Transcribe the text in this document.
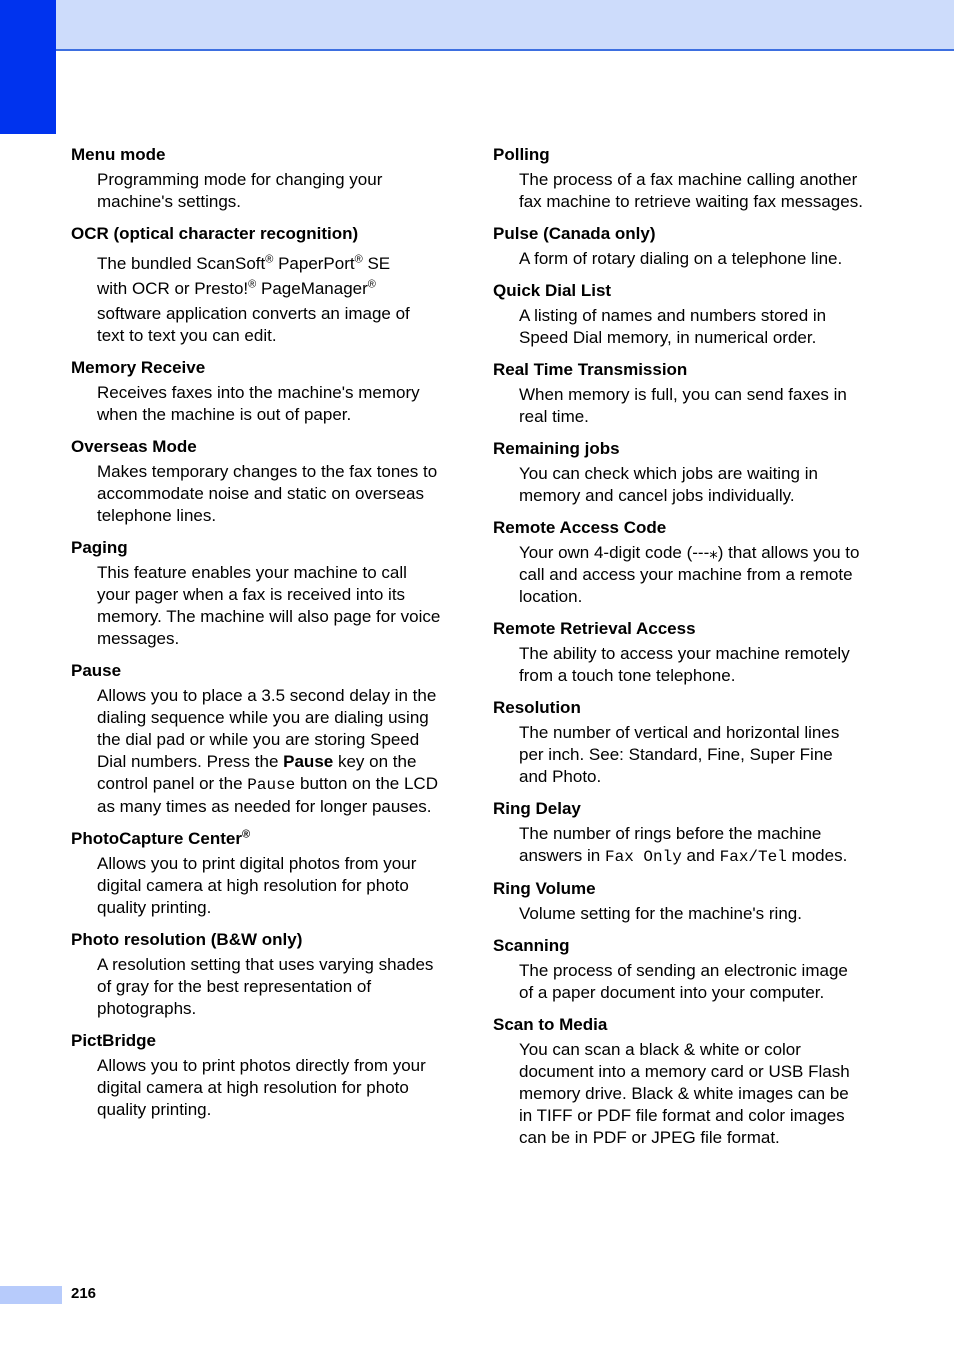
Menu mode
Programming mode for changing your machine's settings.
OCR (optical character recognition)
The bundled ScanSoft® PaperPort® SE
with OCR or Presto!® PageManager®
software application converts an image of text to text you can edit.
Memory Receive
Receives faxes into the machine's memory when the machine is out of paper.
Overseas Mode
Makes temporary changes to the fax tones to accommodate noise and static on overseas telephone lines.
Paging
This feature enables your machine to call your pager when a fax is received into its memory. The machine will also page for voice messages.
Pause
Allows you to place a 3.5 second delay in the dialing sequence while you are dialing using the dial pad or while you are storing Speed Dial numbers. Press the Pause key on the control panel or the Pause button on the LCD as many times as needed for longer pauses.
PhotoCapture Center®
Allows you to print digital photos from your digital camera at high resolution for photo quality printing.
Photo resolution (B&W only)
A resolution setting that uses varying shades of gray for the best representation of photographs.
PictBridge
Allows you to print photos directly from your digital camera at high resolution for photo quality printing.
Polling
The process of a fax machine calling another fax machine to retrieve waiting fax messages.
Pulse (Canada only)
A form of rotary dialing on a telephone line.
Quick Dial List
A listing of names and numbers stored in Speed Dial memory, in numerical order.
Real Time Transmission
When memory is full, you can send faxes in real time.
Remaining jobs
You can check which jobs are waiting in memory and cancel jobs individually.
Remote Access Code
Your own 4-digit code (---⁎) that allows you to call and access your machine from a remote location.
Remote Retrieval Access
The ability to access your machine remotely from a touch tone telephone.
Resolution
The number of vertical and horizontal lines per inch. See: Standard, Fine, Super Fine and Photo.
Ring Delay
The number of rings before the machine answers in Fax Only and Fax/Tel modes.
Ring Volume
Volume setting for the machine's ring.
Scanning
The process of sending an electronic image of a paper document into your computer.
Scan to Media
You can scan a black & white or color document into a memory card or USB Flash memory drive. Black & white images can be in TIFF or PDF file format and color images can be in PDF or JPEG file format.
216
